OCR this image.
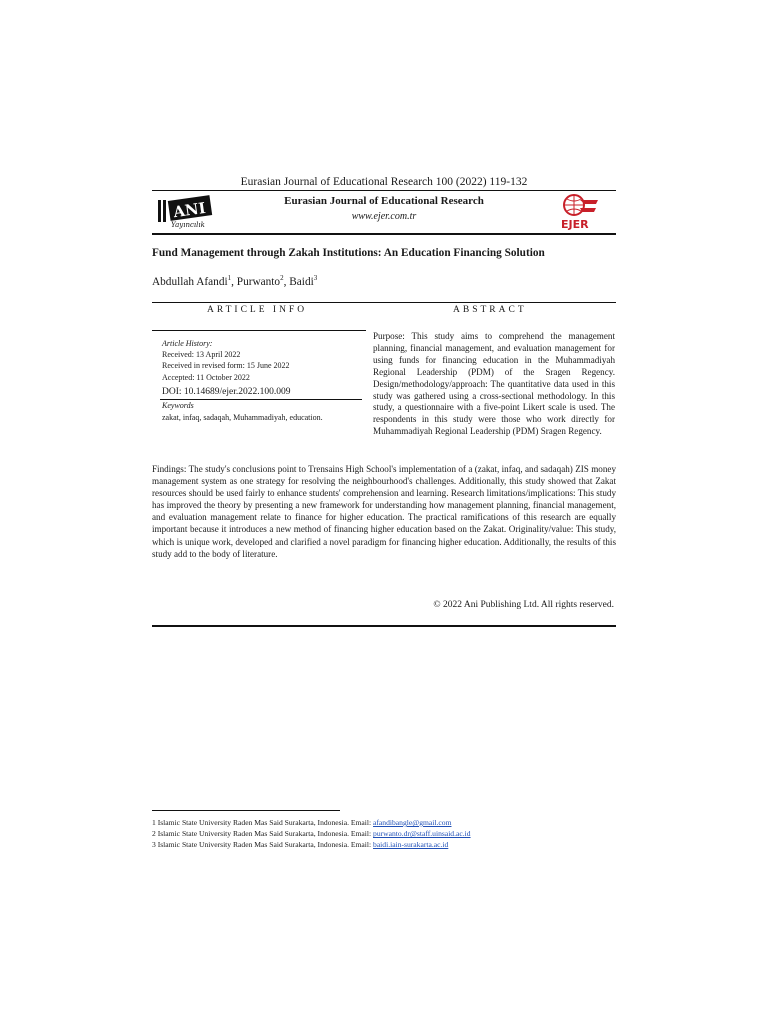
Eurasian Journal of Educational Research 100 (2022) 119-132
ANI
Yayıncılık
Eurasian Journal of Educational Research
www.ejer.com.tr
EJER
Fund Management through Zakah Institutions: An Education Financing Solution
Abdullah Afandi$^1$, Purwanto$^2$, Baidi$^3$
ARTICLE INFO	ABSTRACT
Article History:
Received: 13 April 2022
Received in revised form: 15 June 2022
Accepted: 11 October 2022
DOI: 10.14689/ejer.2022.100.009
Keywords
zakat, infaq, sadaqah, Muhammadiyah, education.
Purpose: This study aims to comprehend the management planning, financial management, and evaluation management for using funds for financing education in the Muhammadiyah Regional Leadership (PDM) of the Sragen Regency. Design/methodology/approach: The quantitative data used in this study was gathered using a cross-sectional methodology. In this study, a questionnaire with a five-point Likert scale is used. The respondents in this study were those who work directly for Muhammadiyah Regional Leadership (PDM) Sragen Regency.
Findings: The study's conclusions point to Trensains High School's implementation of a (zakat, infaq, and sadaqah) ZIS money management system as one strategy for resolving the neighbourhood's challenges. Additionally, this study showed that Zakat resources should be used fairly to enhance students' comprehension and learning. Research limitations/implications: This study has improved the theory by presenting a new framework for understanding how management planning, financial management, and evaluation management relate to finance for higher education. The practical ramifications of this research are equally important because it introduces a new method of financing higher education based on the Zakat. Originality/value: This study, which is unique work, developed and clarified a novel paradigm for financing higher education. Additionally, the results of this study add to the body of literature.
© 2022 Ani Publishing Ltd. All rights reserved.
1 Islamic State University Raden Mas Said Surakarta, Indonesia. Email: afandibangle@gmail.com
2 Islamic State University Raden Mas Said Surakarta, Indonesia. Email: purwanto.dr@staff.uinsaid.ac.id
3 Islamic State University Raden Mas Said Surakarta, Indonesia. Email: baidi.iain-surakarta.ac.id
